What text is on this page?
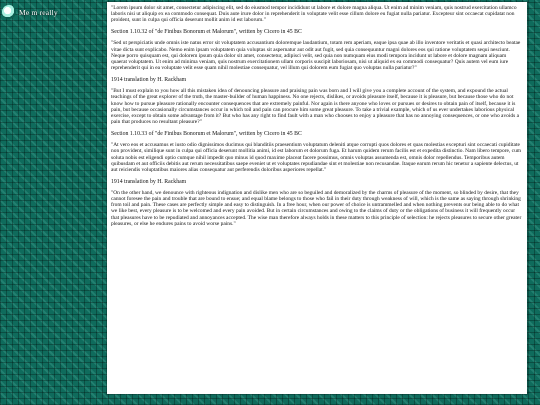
Me m really	"Lorem ipsum dolor sit amet, consectetur adipiscing elit, sed do eiusmod tempor incididunt ut labore et dolore magna aliqua. Ut enim ad minim veniam, quis nostrud exercitation ullamco laboris nisi ut aliquip ex ea commodo consequat. Duis aute irure dolor in reprehenderit in voluptate velit esse cillum dolore eu fugiat nulla pariatur. Excepteur sint occaecat cupidatat non proident, sunt in culpa qui officia deserunt mollit anim id est laborum."

Section 1.10.32 of "de Finibus Bonorum et Malorum", written by Cicero in 45 BC

"Sed ut perspiciatis unde omnis iste natus error sit voluptatem accusantium doloremque laudantium, totam rem aperiam, eaque ipsa quae ab illo inventore veritatis et quasi architecto beatae vitae dicta sunt explicabo. Nemo enim ipsam voluptatem quia voluptas sit aspernatur aut odit aut fugit, sed quia consequuntur magni dolores eos qui ratione voluptatem sequi nesciunt. Neque porro quisquam est, qui dolorem ipsum quia dolor sit amet, consectetur, adipisci velit, sed quia non numquam eius modi tempora incidunt ut labore et dolore magnam aliquam quaerat voluptatem. Ut enim ad minima veniam, quis nostrum exercitationem ullam corporis suscipit laboriosam, nisi ut aliquid ex ea commodi consequatur? Quis autem vel eum iure reprehenderit qui in ea voluptate velit esse quam nihil molestiae consequatur, vel illum qui dolorem eum fugiat quo voluptas nulla pariatur?"

1914 translation by H. Rackham

"But I must explain to you how all this mistaken idea of denouncing pleasure and praising pain was born and I will give you a complete account of the system, and expound the actual teachings of the great explorer of the truth, the master-builder of human happiness. No one rejects, dislikes, or avoids pleasure itself, because it is pleasure, but because those who do not know how to pursue pleasure rationally encounter consequences that are extremely painful. Nor again is there anyone who loves or pursues or desires to obtain pain of itself, because it is pain, but because occasionally circumstances occur in which toil and pain can procure him some great pleasure. To take a trivial example, which of us ever undertakes laborious physical exercise, except to obtain some advantage from it? But who has any right to find fault with a man who chooses to enjoy a pleasure that has no annoying consequences, or one who avoids a pain that produces no resultant pleasure?"

Section 1.10.33 of "de Finibus Bonorum et Malorum", written by Cicero in 45 BC

"At vero eos et accusamus et iusto odio dignissimos ducimus qui blanditiis praesentium voluptatum deleniti atque corrupti quos dolores et quas molestias excepturi sint occaecati cupiditate non provident, similique sunt in culpa qui officia deserunt mollitia animi, id est laborum et dolorum fuga. Et harum quidem rerum facilis est et expedita distinctio. Nam libero tempore, cum soluta nobis est eligendi optio cumque nihil impedit quo minus id quod maxime placeat facere possimus, omnis voluptas assumenda est, omnis dolor repellendus. Temporibus autem quibusdam et aut officiis debitis aut rerum necessitatibus saepe eveniet ut et voluptates repudiandae sint et molestiae non recusandae. Itaque earum rerum hic tenetur a sapiente delectus, ut aut reiciendis voluptatibus maiores alias consequatur aut perferendis doloribus asperiores repellat."

1914 translation by H. Rackham

"On the other hand, we denounce with righteous indignation and dislike men who are so beguiled and demoralized by the charms of pleasure of the moment, so blinded by desire, that they cannot foresee the pain and trouble that are bound to ensue; and equal blame belongs to those who fail in their duty through weakness of will, which is the same as saying through shrinking from toil and pain. These cases are perfectly simple and easy to distinguish. In a free hour, when our power of choice is untrammelled and when nothing prevents our being able to do what we like best, every pleasure is to be welcomed and every pain avoided. But in certain circumstances and owing to the claims of duty or the obligations of business it will frequently occur that pleasures have to be repudiated and annoyances accepted. The wise man therefore always holds in these matters to this principle of selection: he rejects pleasures to secure other greater pleasures, or else he endures pains to avoid worse pains."
